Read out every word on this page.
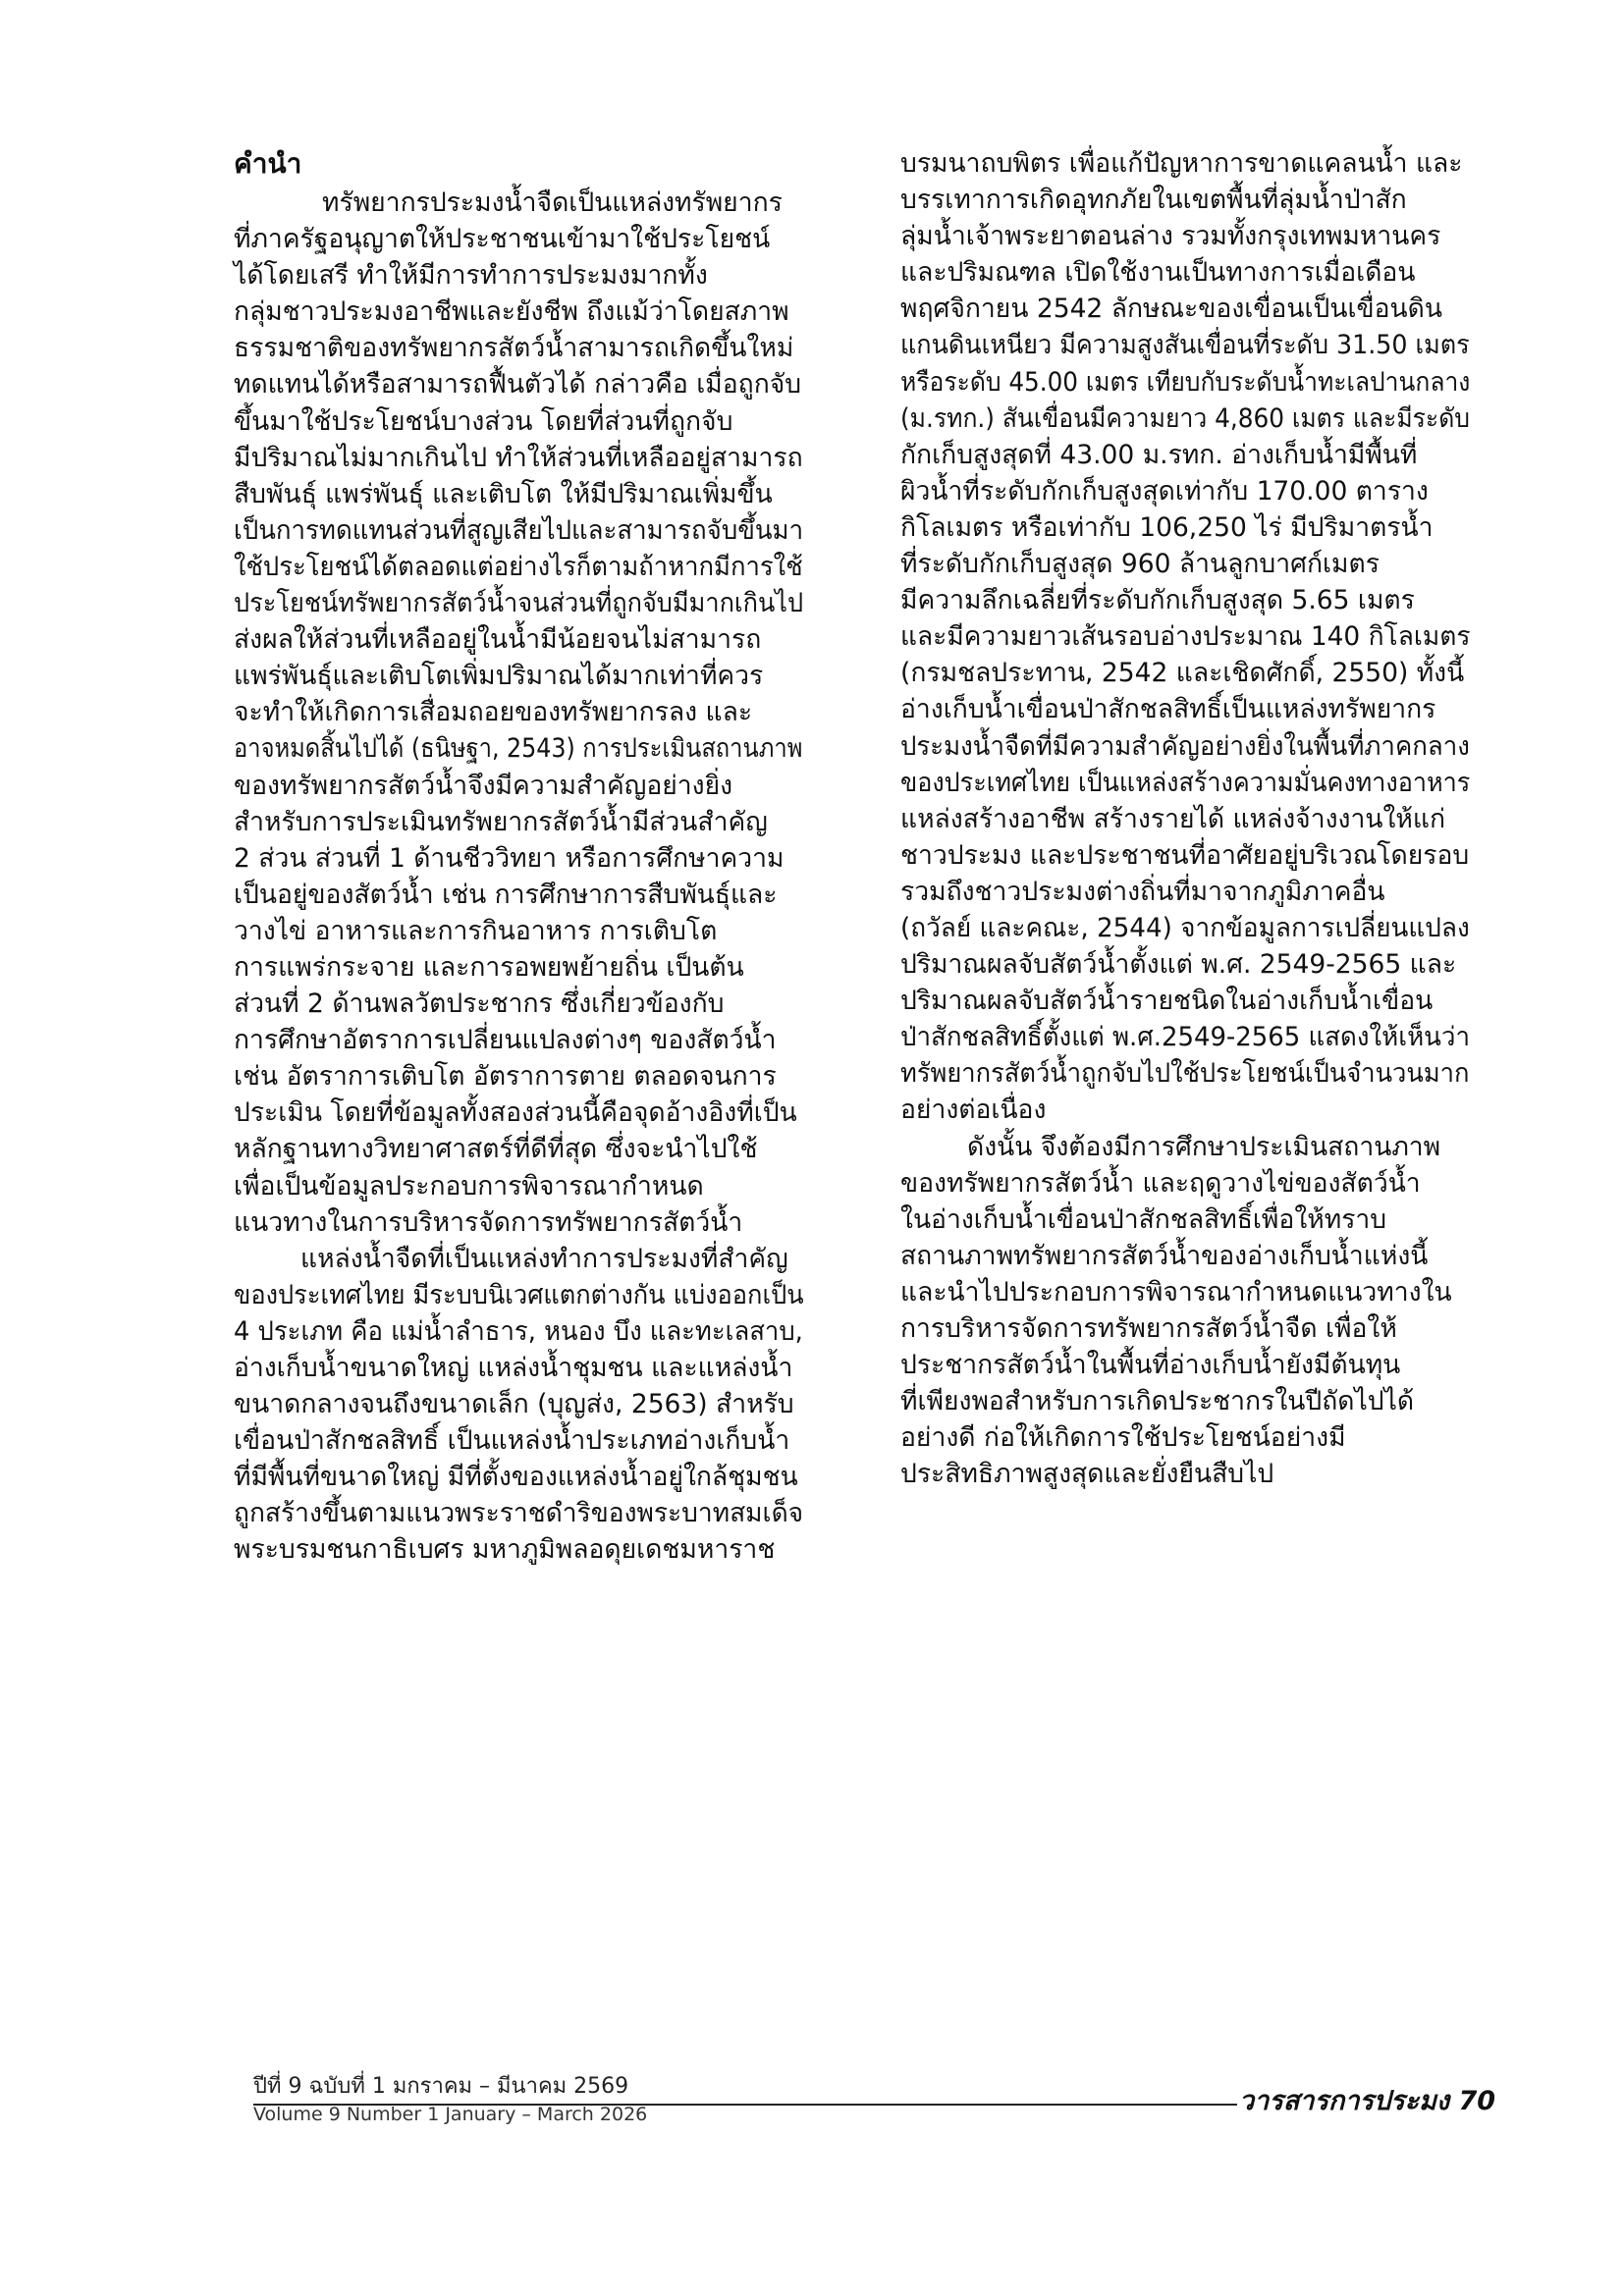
คำนำ

ทรัพยากรประมงน้ำจืดเป็นแหล่งทรัพยากร

ที่ภาครัฐอนุญาตให้ประชาชนเข้ามาใช้ประโยชน์

ได้โดยเสรี ทำให้มีการทำการประมงมากทั้ง

กลุ่มชาวประมงอาชีพและยังชีพ ถึงแม้ว่าโดยสภาพ

ธรรมชาติของทรัพยากรสัตว์น้ำสามารถเกิดขึ้นใหม่

ทดแทนได้หรือสามารถฟื้นตัวได้ กล่าวคือ เมื่อถูกจับ

ขึ้นมาใช้ประโยชน์บางส่วน โดยที่ส่วนที่ถูกจับ

มีปริมาณไม่มากเกินไป ทำให้ส่วนที่เหลืออยู่สามารถ

สืบพันธุ์ แพร่พันธุ์ และเติบโต ให้มีปริมาณเพิ่มขึ้น

เป็นการทดแทนส่วนที่สูญเสียไปและสามารถจับขึ้นมา

ใช้ประโยชน์ได้ตลอดแต่อย่างไรก็ตามถ้าหากมีการใช้

ประโยชน์ทรัพยากรสัตว์น้ำจนส่วนที่ถูกจับมีมากเกินไป

ส่งผลให้ส่วนที่เหลืออยู่ในน้ำมีน้อยจนไม่สามารถ

แพร่พันธุ์และเติบโตเพิ่มปริมาณได้มากเท่าที่ควร

จะทำให้เกิดการเสื่อมถอยของทรัพยากรลง และ

อาจหมดสิ้นไปได้ (ธนิษฐา, 2543) การประเมินสถานภาพ

ของทรัพยากรสัตว์น้ำจึงมีความสำคัญอย่างยิ่ง

สำหรับการประเมินทรัพยากรสัตว์น้ำมีส่วนสำคัญ

2 ส่วน ส่วนที่ 1 ด้านชีววิทยา หรือการศึกษาความ

เป็นอยู่ของสัตว์น้ำ เช่น การศึกษาการสืบพันธุ์และ

วางไข่ อาหารและการกินอาหาร การเติบโต

การแพร่กระจาย และการอพยพย้ายถิ่น เป็นต้น

ส่วนที่ 2 ด้านพลวัตประชากร ซึ่งเกี่ยวข้องกับ

การศึกษาอัตราการเปลี่ยนแปลงต่างๆ ของสัตว์น้ำ

เช่น อัตราการเติบโต อัตราการตาย ตลอดจนการ

ประเมิน โดยที่ข้อมูลทั้งสองส่วนนี้คือจุดอ้างอิงที่เป็น

หลักฐานทางวิทยาศาสตร์ที่ดีที่สุด ซึ่งจะนำไปใช้

เพื่อเป็นข้อมูลประกอบการพิจารณากำหนด

แนวทางในการบริหารจัดการทรัพยากรสัตว์น้ำ

แหล่งน้ำจืดที่เป็นแหล่งทำการประมงที่สำคัญ

ของประเทศไทย มีระบบนิเวศแตกต่างกัน แบ่งออกเป็น

4 ประเภท คือ แม่น้ำลำธาร, หนอง บึง และทะเลสาบ,

อ่างเก็บน้ำขนาดใหญ่ แหล่งน้ำชุมชน และแหล่งน้ำ

ขนาดกลางจนถึงขนาดเล็ก (บุญส่ง, 2563) สำหรับ

เขื่อนป่าสักชลสิทธิ์ เป็นแหล่งน้ำประเภทอ่างเก็บน้ำ

ที่มีพื้นที่ขนาดใหญ่ มีที่ตั้งของแหล่งน้ำอยู่ใกล้ชุมชน

ถูกสร้างขึ้นตามแนวพระราชดำริของพระบาทสมเด็จ

พระบรมชนกาธิเบศร มหาภูมิพลอดุยเดชมหาราช

บรมนาถบพิตร เพื่อแก้ปัญหาการขาดแคลนน้ำ และ

บรรเทาการเกิดอุทกภัยในเขตพื้นที่ลุ่มน้ำป่าสัก

ลุ่มน้ำเจ้าพระยาตอนล่าง รวมทั้งกรุงเทพมหานคร

และปริมณฑล เปิดใช้งานเป็นทางการเมื่อเดือน

พฤศจิกายน 2542 ลักษณะของเขื่อนเป็นเขื่อนดิน

แกนดินเหนียว มีความสูงสันเขื่อนที่ระดับ 31.50 เมตร

หรือระดับ 45.00 เมตร เทียบกับระดับน้ำทะเลปานกลาง

(ม.รทก.) สันเขื่อนมีความยาว 4,860 เมตร และมีระดับ

กักเก็บสูงสุดที่ 43.00 ม.รทก. อ่างเก็บน้ำมีพื้นที่

ผิวน้ำที่ระดับกักเก็บสูงสุดเท่ากับ 170.00 ตาราง

กิโลเมตร หรือเท่ากับ 106,250 ไร่ มีปริมาตรน้ำ

ที่ระดับกักเก็บสูงสุด 960 ล้านลูกบาศก์เมตร

มีความลึกเฉลี่ยที่ระดับกักเก็บสูงสุด 5.65 เมตร

และมีความยาวเส้นรอบอ่างประมาณ 140 กิโลเมตร

(กรมชลประทาน, 2542 และเชิดศักดิ์, 2550) ทั้งนี้

อ่างเก็บน้ำเขื่อนป่าสักชลสิทธิ์เป็นแหล่งทรัพยากร

ประมงน้ำจืดที่มีความสำคัญอย่างยิ่งในพื้นที่ภาคกลาง

ของประเทศไทย เป็นแหล่งสร้างความมั่นคงทางอาหาร

แหล่งสร้างอาชีพ สร้างรายได้ แหล่งจ้างงานให้แก่

ชาวประมง และประชาชนที่อาศัยอยู่บริเวณโดยรอบ

รวมถึงชาวประมงต่างถิ่นที่มาจากภูมิภาคอื่น

(ถวัลย์ และคณะ, 2544) จากข้อมูลการเปลี่ยนแปลง

ปริมาณผลจับสัตว์น้ำตั้งแต่ พ.ศ. 2549-2565 และ

ปริมาณผลจับสัตว์น้ำรายชนิดในอ่างเก็บน้ำเขื่อน

ป่าสักชลสิทธิ์ตั้งแต่ พ.ศ.2549-2565 แสดงให้เห็นว่า

ทรัพยากรสัตว์น้ำถูกจับไปใช้ประโยชน์เป็นจำนวนมาก

อย่างต่อเนื่อง

ดังนั้น จึงต้องมีการศึกษาประเมินสถานภาพ

ของทรัพยากรสัตว์น้ำ และฤดูวางไข่ของสัตว์น้ำ

ในอ่างเก็บน้ำเขื่อนป่าสักชลสิทธิ์เพื่อให้ทราบ

สถานภาพทรัพยากรสัตว์น้ำของอ่างเก็บน้ำแห่งนี้

และนำไปประกอบการพิจารณากำหนดแนวทางใน

การบริหารจัดการทรัพยากรสัตว์น้ำจืด เพื่อให้

ประชากรสัตว์น้ำในพื้นที่อ่างเก็บน้ำยังมีต้นทุน

ที่เพียงพอสำหรับการเกิดประชากรในปีถัดไปได้

อย่างดี ก่อให้เกิดการใช้ประโยชน์อย่างมี

ประสิทธิภาพสูงสุดและยั่งยืนสืบไป

ปีที่ 9 ฉบับที่ 1 มกราคม – มีนาคม 2569
Volume 9 Number 1 January – March 2026	วารสารการประมง 70
